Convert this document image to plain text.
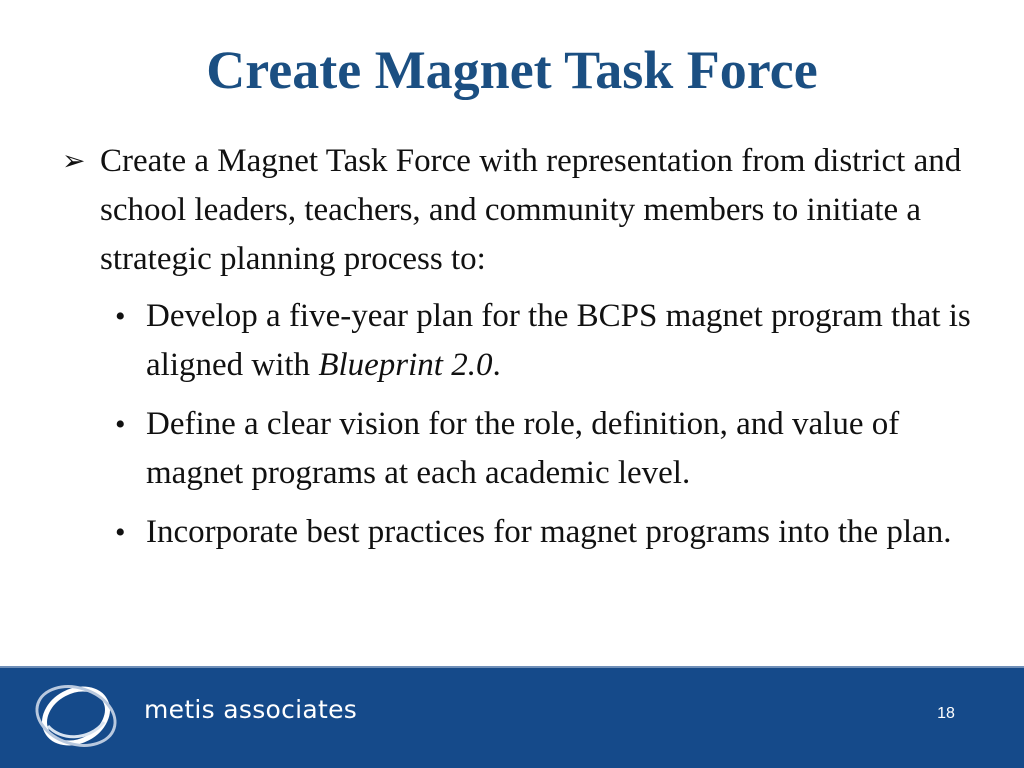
Create Magnet Task Force

➢ Create a Magnet Task Force with representation from district and school leaders, teachers, and community members to initiate a strategic planning process to:

• Develop a five-year plan for the BCPS magnet program that is aligned with Blueprint 2.0.
• Define a clear vision for the role, definition, and value of magnet programs at each academic level.
• Incorporate best practices for magnet programs into the plan.
metis associates	18
